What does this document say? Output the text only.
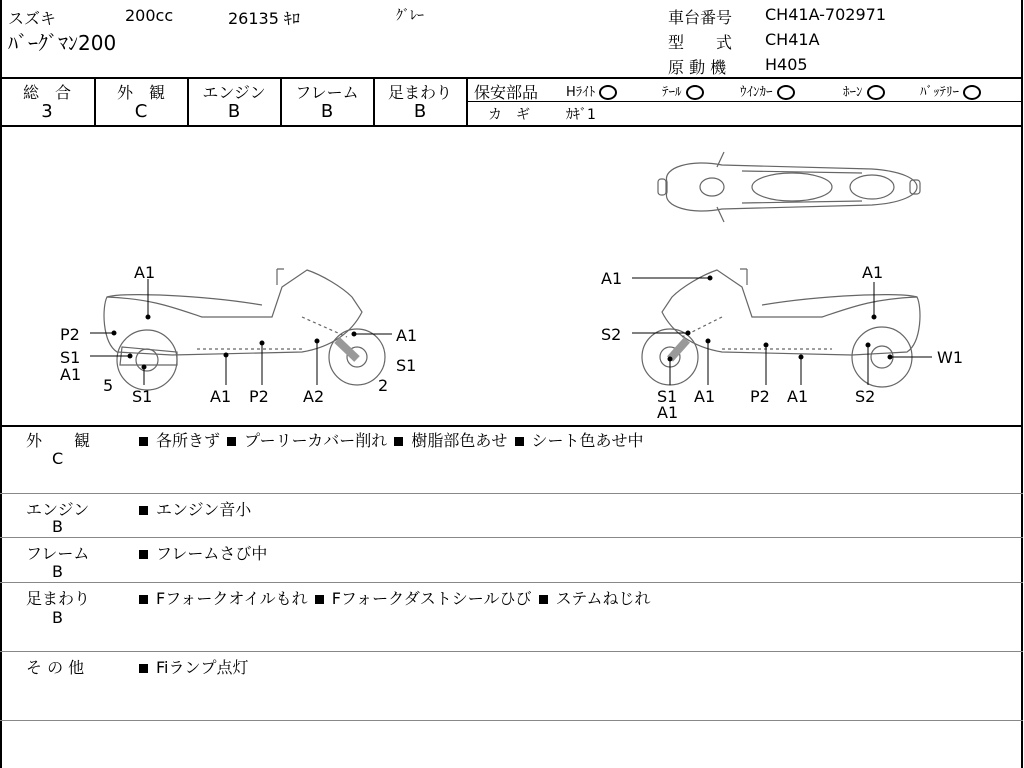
スズキ	200cc	26135 ｷﾛ	ｸﾞﾚｰ
ﾊﾞｰｸﾞﾏﾝ200
車台番号 CH41A-702971
型　　式 CH41A
原 動 機 H405
総　合
3
外　観
C
エンジン
B
フレーム
B
足まわり
B
保安部品 Hﾗｲﾄ	ﾃｰﾙ	ｳｲﾝｶｰ	ﾎｰﾝ	ﾊﾞｯﾃﾘｰ
カ　ギ	ｶｷﾞ1
A1
P2	A1
S1	S1
A1
5	2
S1	A1 P2 A2
A1	A1
S2
W1
S1
A1
A1 P2 A1	S2
外　　観
C
各所きず プーリーカバー削れ 樹脂部色あせ シート色あせ中
エンジン
B
エンジン音小
フレーム
B
フレームさび中
足まわり
B
Fフォークオイルもれ Fフォークダストシールひび ステムねじれ
そ の 他	Fiランプ点灯
